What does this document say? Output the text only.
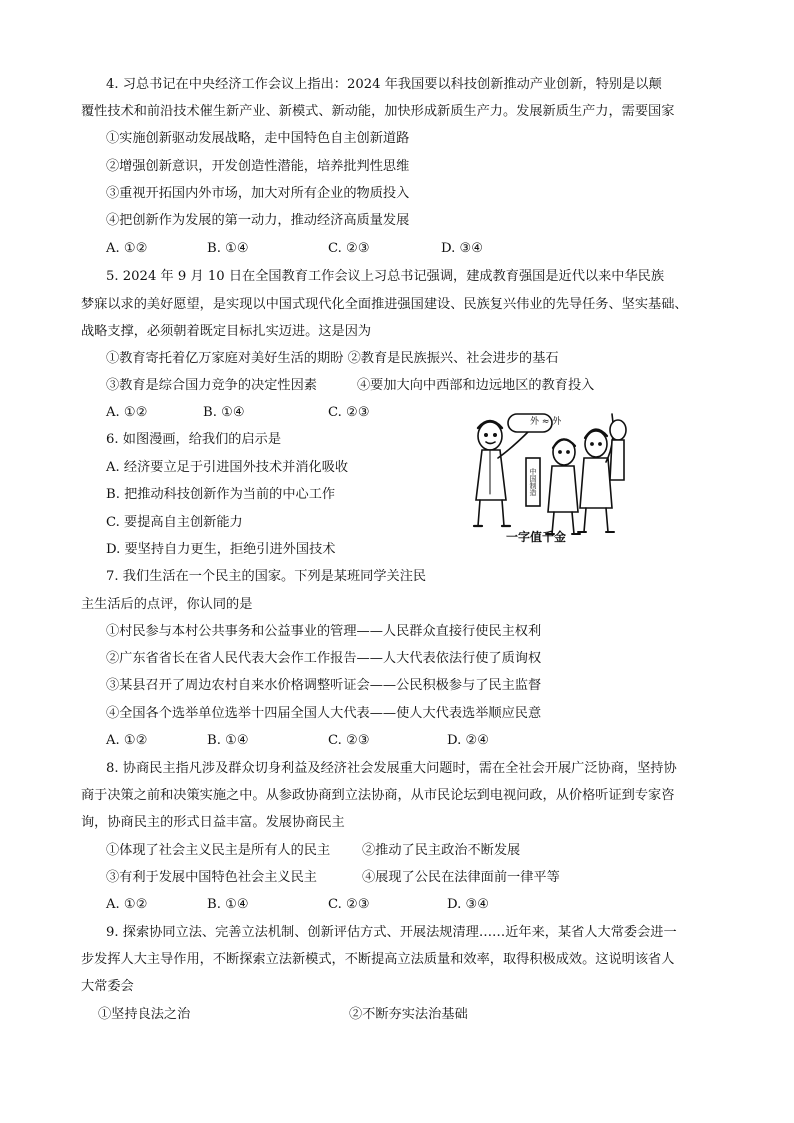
4. 习总书记在中央经济工作会议上指出：2024 年我国要以科技创新推动产业创新，特别是以颠
覆性技术和前沿技术催生新产业、新模式、新动能，加快形成新质生产力。发展新质生产力，需要国家
①实施创新驱动发展战略，走中国特色自主创新道路
②增强创新意识，开发创造性潜能，培养批判性思维
③重视开拓国内外市场，加大对所有企业的物质投入
④把创新作为发展的第一动力，推动经济高质量发展
A. ①②	B. ①④	C. ②③	D. ③④
5. 2024 年 9 月 10 日在全国教育工作会议上习总书记强调，建成教育强国是近代以来中华民族
梦寐以求的美好愿望，是实现以中国式现代化全面推进强国建设、民族复兴伟业的先导任务、坚实基础、
战略支撑，必须朝着既定目标扎实迈进。这是因为
①教育寄托着亿万家庭对美好生活的期盼 ②教育是民族振兴、社会进步的基石
③教育是综合国力竞争的决定性因素	④要加大向中西部和边远地区的教育投入
A. ①②	B. ①④	C. ②③
6. 如图漫画，给我们的启示是
A. 经济要立足于引进国外技术并消化吸收
B. 把推动科技创新作为当前的中心工作
C. 要提高自主创新能力
D. 要坚持自力更生，拒绝引进外国技术
外 ≈ 外
中国制造
一字值千金
7. 我们生活在一个民主的国家。下列是某班同学关注民
主生活后的点评，你认同的是
①村民参与本村公共事务和公益事业的管理——人民群众直接行使民主权利
②广东省省长在省人民代表大会作工作报告——人大代表依法行使了质询权
③某县召开了周边农村自来水价格调整听证会——公民积极参与了民主监督
④全国各个选举单位选举十四届全国人大代表——使人大代表选举顺应民意
A. ①②	B. ①④	C. ②③	D. ②④
8. 协商民主指凡涉及群众切身利益及经济社会发展重大问题时，需在全社会开展广泛协商，坚持协
商于决策之前和决策实施之中。从参政协商到立法协商，从市民论坛到电视问政，从价格听证到专家咨
询，协商民主的形式日益丰富。发展协商民主
①体现了社会主义民主是所有人的民主 ②推动了民主政治不断发展
③有利于发展中国特色社会主义民主	④展现了公民在法律面前一律平等
A. ①②	B. ①④	C. ②③	D. ③④
9. 探索协同立法、完善立法机制、创新评估方式、开展法规清理……近年来，某省人大常委会进一
步发挥人大主导作用，不断探索立法新模式，不断提高立法质量和效率，取得积极成效。这说明该省人
大常委会
①坚持良法之治	②不断夯实法治基础
